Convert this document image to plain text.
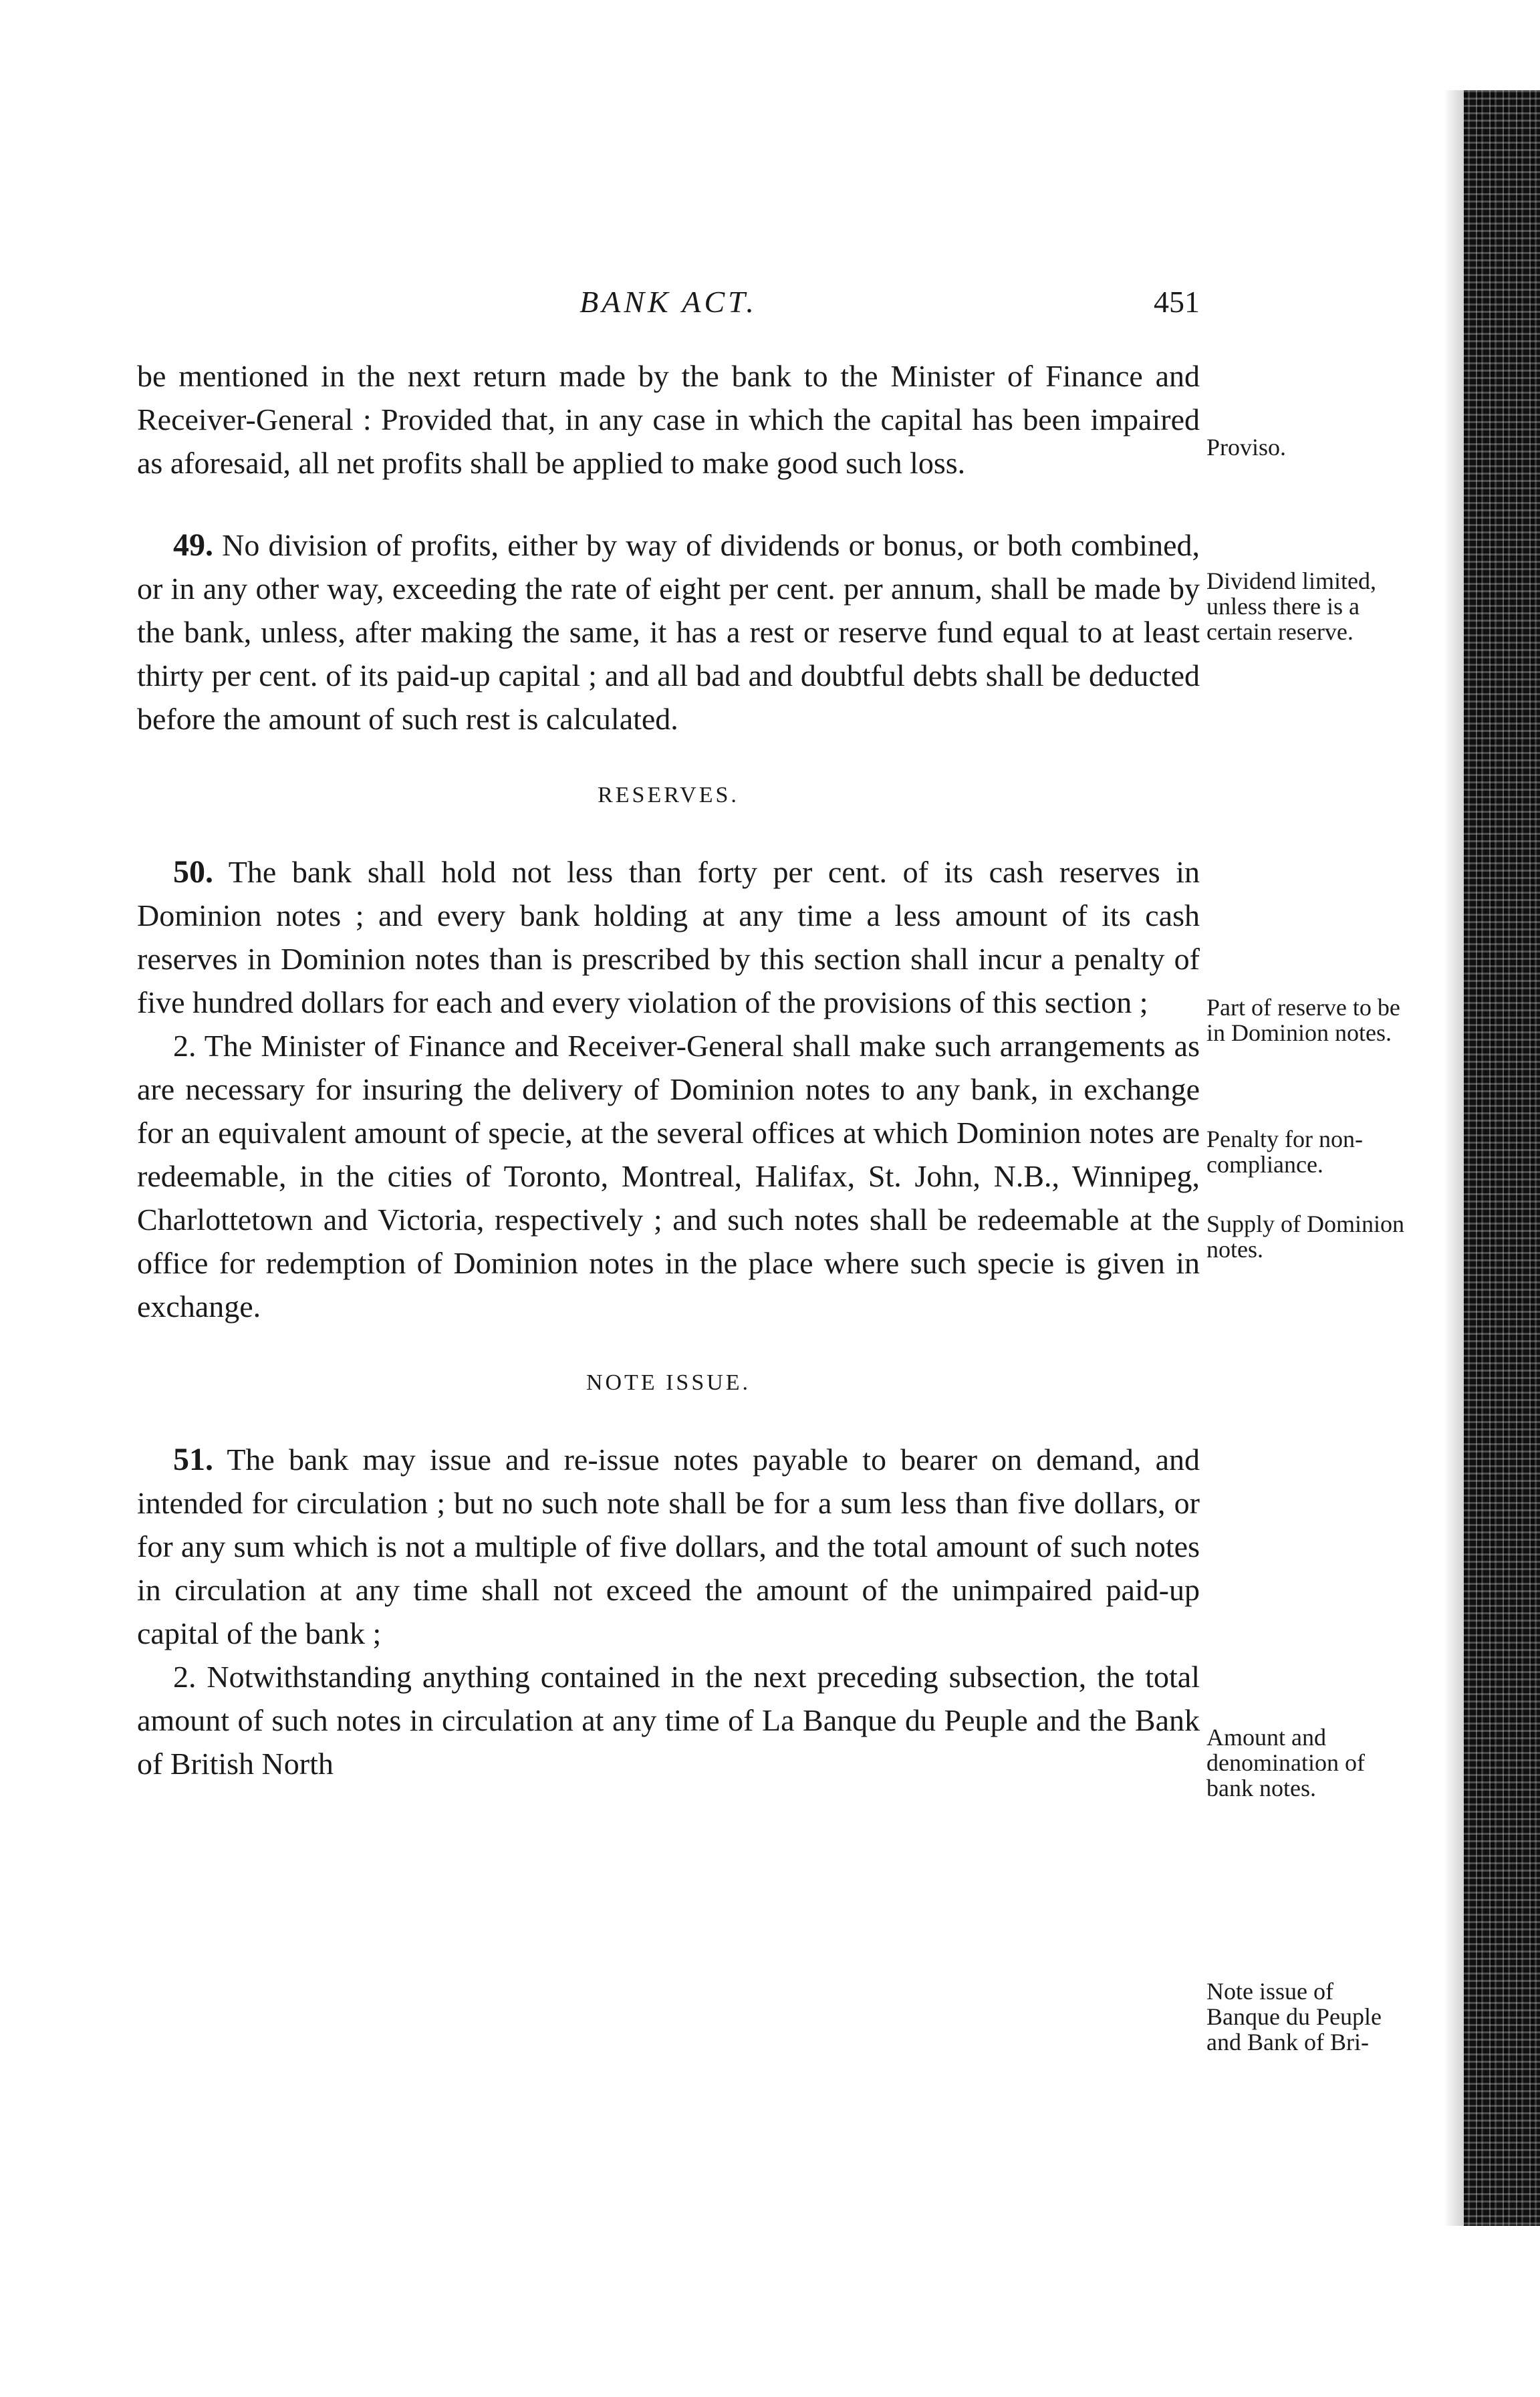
BANK ACT.	451

be mentioned in the next return made by the bank to the Minister of Finance and Receiver-General : Provided that, in any case in which the capital has been impaired as aforesaid, all net profits shall be applied to make good such loss.

49. No division of profits, either by way of dividends or bonus, or both combined, or in any other way, exceeding the rate of eight per cent. per annum, shall be made by the bank, unless, after making the same, it has a rest or reserve fund equal to at least thirty per cent. of its paid-up capital ; and all bad and doubtful debts shall be deducted before the amount of such rest is calculated.

RESERVES.

50. The bank shall hold not less than forty per cent. of its cash reserves in Dominion notes ; and every bank holding at any time a less amount of its cash reserves in Dominion notes than is prescribed by this section shall incur a penalty of five hundred dollars for each and every violation of the provisions of this section ;

2. The Minister of Finance and Receiver-General shall make such arrangements as are necessary for insuring the delivery of Dominion notes to any bank, in exchange for an equivalent amount of specie, at the several offices at which Dominion notes are redeemable, in the cities of Toronto, Montreal, Halifax, St. John, N.B., Winnipeg, Charlottetown and Victoria, respectively ; and such notes shall be redeemable at the office for redemption of Dominion notes in the place where such specie is given in exchange.

NOTE ISSUE.

51. The bank may issue and re-issue notes payable to bearer on demand, and intended for circulation ; but no such note shall be for a sum less than five dollars, or for any sum which is not a multiple of five dollars, and the total amount of such notes in circulation at any time shall not exceed the amount of the unimpaired paid-up capital of the bank ;

2. Notwithstanding anything contained in the next preceding subsection, the total amount of such notes in circulation at any time of La Banque du Peuple and the Bank of British North

Proviso.
Dividend limited, unless there is a certain reserve.
Part of reserve to be in Dominion notes.
Penalty for non-compliance.
Supply of Dominion notes.
Amount and denomination of bank notes.
Note issue of Banque du Peuple and Bank of Bri-
